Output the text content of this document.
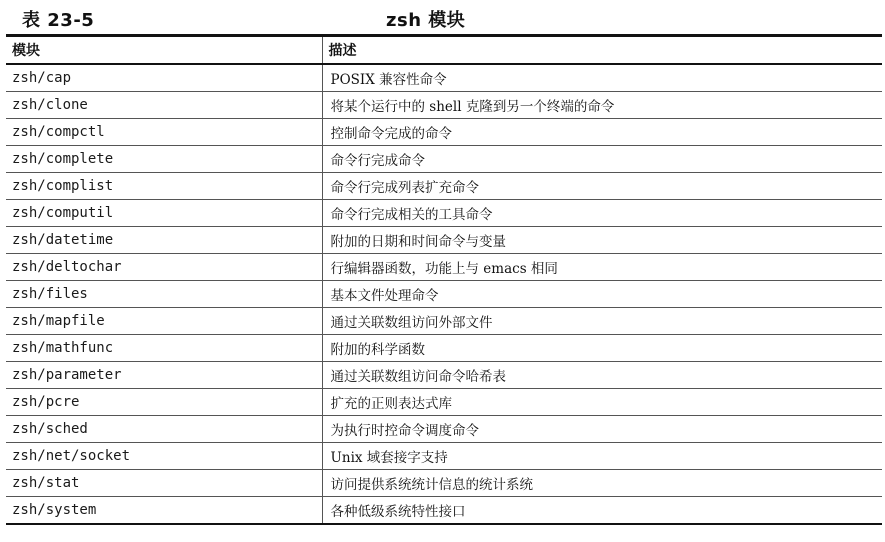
表 23-5	zsh 模块
模块	描述
zsh/cap	POSIX 兼容性命令
zsh/clone	将某个运行中的 shell 克隆到另一个终端的命令
zsh/compctl	控制命令完成的命令
zsh/complete	命令行完成命令
zsh/complist	命令行完成列表扩充命令
zsh/computil	命令行完成相关的工具命令
zsh/datetime	附加的日期和时间命令与变量
zsh/deltochar	行编辑器函数，功能上与 emacs 相同
zsh/files	基本文件处理命令
zsh/mapfile	通过关联数组访问外部文件
zsh/mathfunc	附加的科学函数
zsh/parameter	通过关联数组访问命令哈希表
zsh/pcre	扩充的正则表达式库
zsh/sched	为执行时控命令调度命令
zsh/net/socket	Unix 域套接字支持
zsh/stat	访问提供系统统计信息的统计系统
zsh/system	各种低级系统特性接口
